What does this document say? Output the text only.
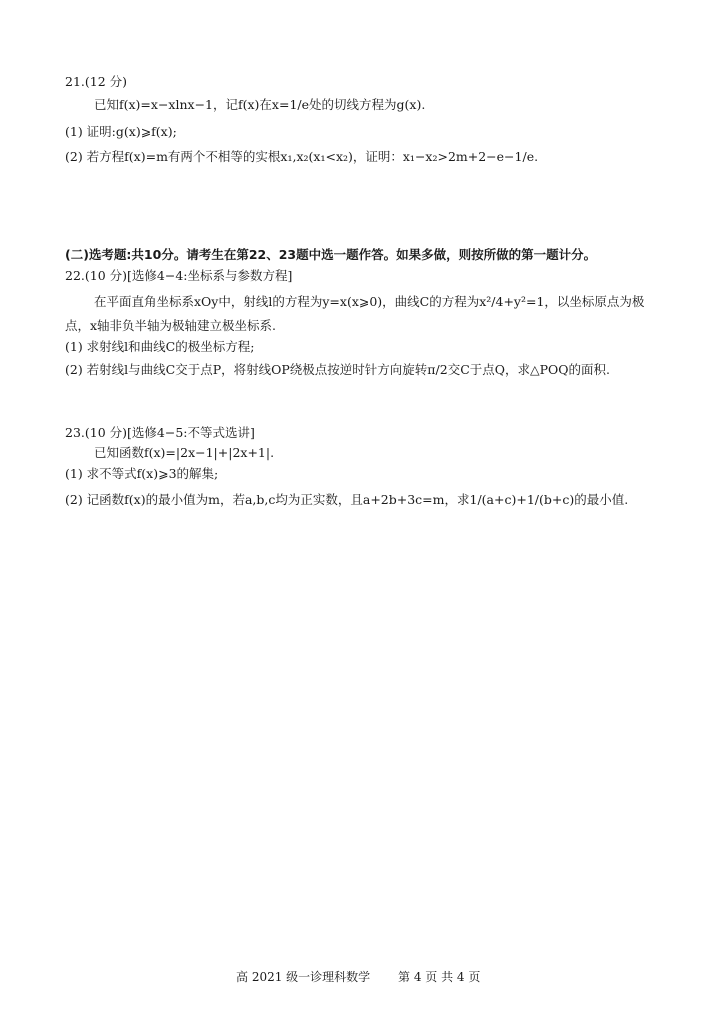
21.(12 分)
已知f(x)=x−xlnx−1，记f(x)在x=1/e处的切线方程为g(x).
(1) 证明:g(x)⩾f(x);
(2) 若方程f(x)=m有两个不相等的实根x₁,x₂(x₁<x₂)，证明：x₁−x₂>2m+2−e−1/e.
(二)选考题:共10分。请考生在第22、23题中选一题作答。如果多做，则按所做的第一题计分。
22.(10 分)[选修4−4:坐标系与参数方程]
在平面直角坐标系xOy中，射线l的方程为y=x(x⩾0)，曲线C的方程为x²/4+y²=1，以坐标原点为极
点，x轴非负半轴为极轴建立极坐标系.
(1) 求射线l和曲线C的极坐标方程;
(2) 若射线l与曲线C交于点P，将射线OP绕极点按逆时针方向旋转π/2交C于点Q，求△POQ的面积.
23.(10 分)[选修4−5:不等式选讲]
已知函数f(x)=|2x−1|+|2x+1|.
(1) 求不等式f(x)⩾3的解集;
(2) 记函数f(x)的最小值为m，若a,b,c均为正实数，且a+2b+3c=m，求1/(a+c)+1/(b+c)的最小值.
高 2021 级一诊理科数学 第 4 页 共 4 页
